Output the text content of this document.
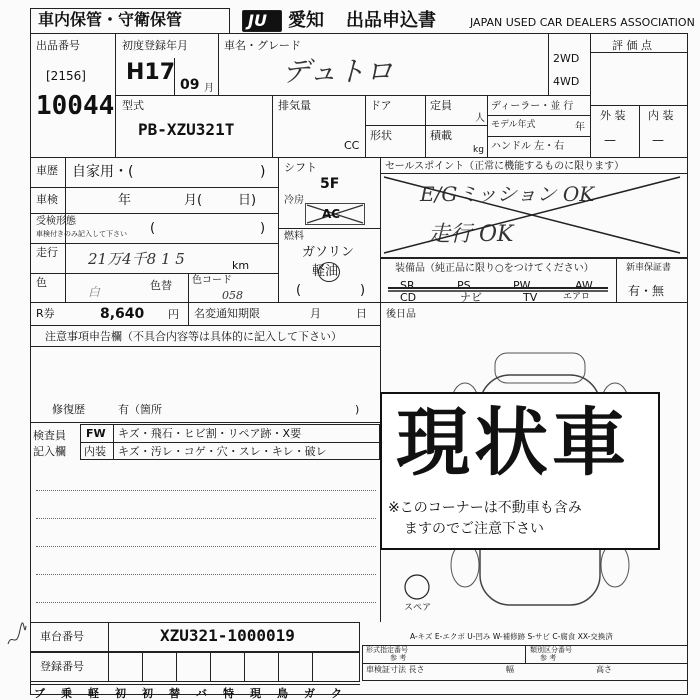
車内保管・守衛保管	JU 愛知 出品申込書	JAPAN USED CAR DEALERS ASSOCIATION
出品番号
[2156]
10044
初度登録年月
H17 09 月
車名・グレード
デュトロ	2WD
4WD
評 価 点
外 装 内 装
—	—
型式
PB-XZU321T
排気量
CC
ドア	定員
人
形状	積載
kg
ディーラー・並 行
モデル年式	年
ハンドル 左・右
車歴 自家用・(	)
車検	年	月(	日)
受検形態
車検付きのみ記入して下さい (	)
走行 21万4千8 1 5	km
色
白	色替 色コード
058
シフト
5F
冷房
AC
燃料
ガソリン
軽油
(	)
セールスポイント（正常に機能するものに限ります）
E/Gミッション OK
走行 OK
装備品（純正品に限り○をつけてください）
SR	PS	PW	AW
CD	TV
ナビ	エアロ
新車保証書
有・無
R券	8,640 円 名変通知期限	月	日 後日品
注意事項申告欄（不具合内容等は具体的に記入して下さい）
修復歴	有（箇所	)
検査員
記入欄
FW キズ・飛石・ヒビ割・リペア跡・X要
内装 キズ・汚レ・コゲ・穴・スレ・キレ・破レ
スペア
現状車
※このコーナーは不動車も含み
ますのでご注意下さい
A-キズ E-エクボ U-凹み W-補修跡 S-サビ C-腐食 XX-交換済
車台番号	XZU321-1000019
登録番号
形式指定番号
参 考
類別区分番号
参 考
車検証寸法 長さ	幅	高さ
ブ 乗 軽 初 初 替 バ 特 現 鳥 ガ ク
